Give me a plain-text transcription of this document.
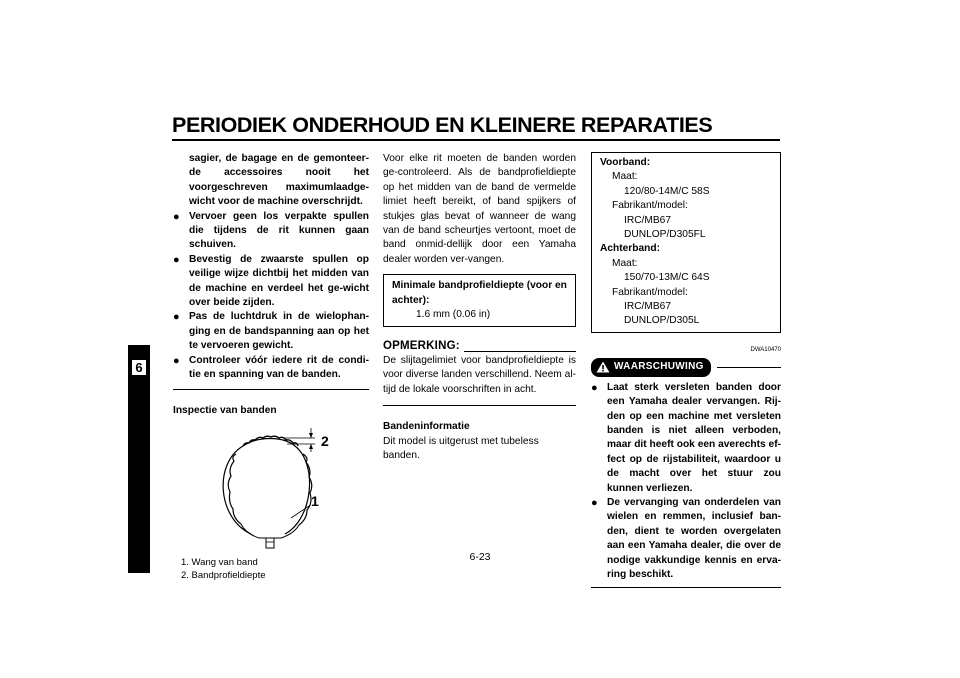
PERIODIEK ONDERHOUD EN KLEINERE REPARATIES
6
sagier, de bagage en de gemonteer-de accessoires nooit het voorgeschreven maximumlaadge-wicht voor de machine overschrijdt.
● Vervoer geen los verpakte spullen die tijdens de rit kunnen gaan schuiven.
● Bevestig de zwaarste spullen op veilige wijze dichtbij het midden van de machine en verdeel het ge-wicht over beide zijden.
● Pas de luchtdruk in de wielophan-ging en de bandspanning aan op het te vervoeren gewicht.
● Controleer vóór iedere rit de condi-tie en spanning van de banden.
Inspectie van banden
2
1
1. Wang van band
2. Bandprofieldiepte
Voor elke rit moeten de banden worden ge-controleerd. Als de bandprofieldiepte op het midden van de band de vermelde limiet heeft bereikt, of band spijkers of stukjes glas bevat of wanneer de wang van de band scheurtjes vertoont, moet de band onmid-dellijk door een Yamaha dealer worden ver-vangen.
Minimale bandprofieldiepte (voor en achter):
1.6 mm (0.06 in)
OPMERKING:
De slijtagelimiet voor bandprofieldiepte is voor diverse landen verschillend. Neem al-tijd de lokale voorschriften in acht.
Bandeninformatie
Dit model is uitgerust met tubeless banden.
Voorband:
Maat:
120/80-14M/C 58S
Fabrikant/model:
IRC/MB67
DUNLOP/D305FL
Achterband:
Maat:
150/70-13M/C 64S
Fabrikant/model:
IRC/MB67
DUNLOP/D305L
DWA10470
WAARSCHUWING
● Laat sterk versleten banden door een Yamaha dealer vervangen. Rij-den op een machine met versleten banden is niet alleen verboden, maar dit heeft ook een averechts ef-fect op de rijstabiliteit, waardoor u de macht over het stuur zou kunnen verliezen.
● De vervanging van onderdelen van wielen en remmen, inclusief ban-den, dient te worden overgelaten aan een Yamaha dealer, die over de nodige vakkundige kennis en erva-ring beschikt.
6-23
